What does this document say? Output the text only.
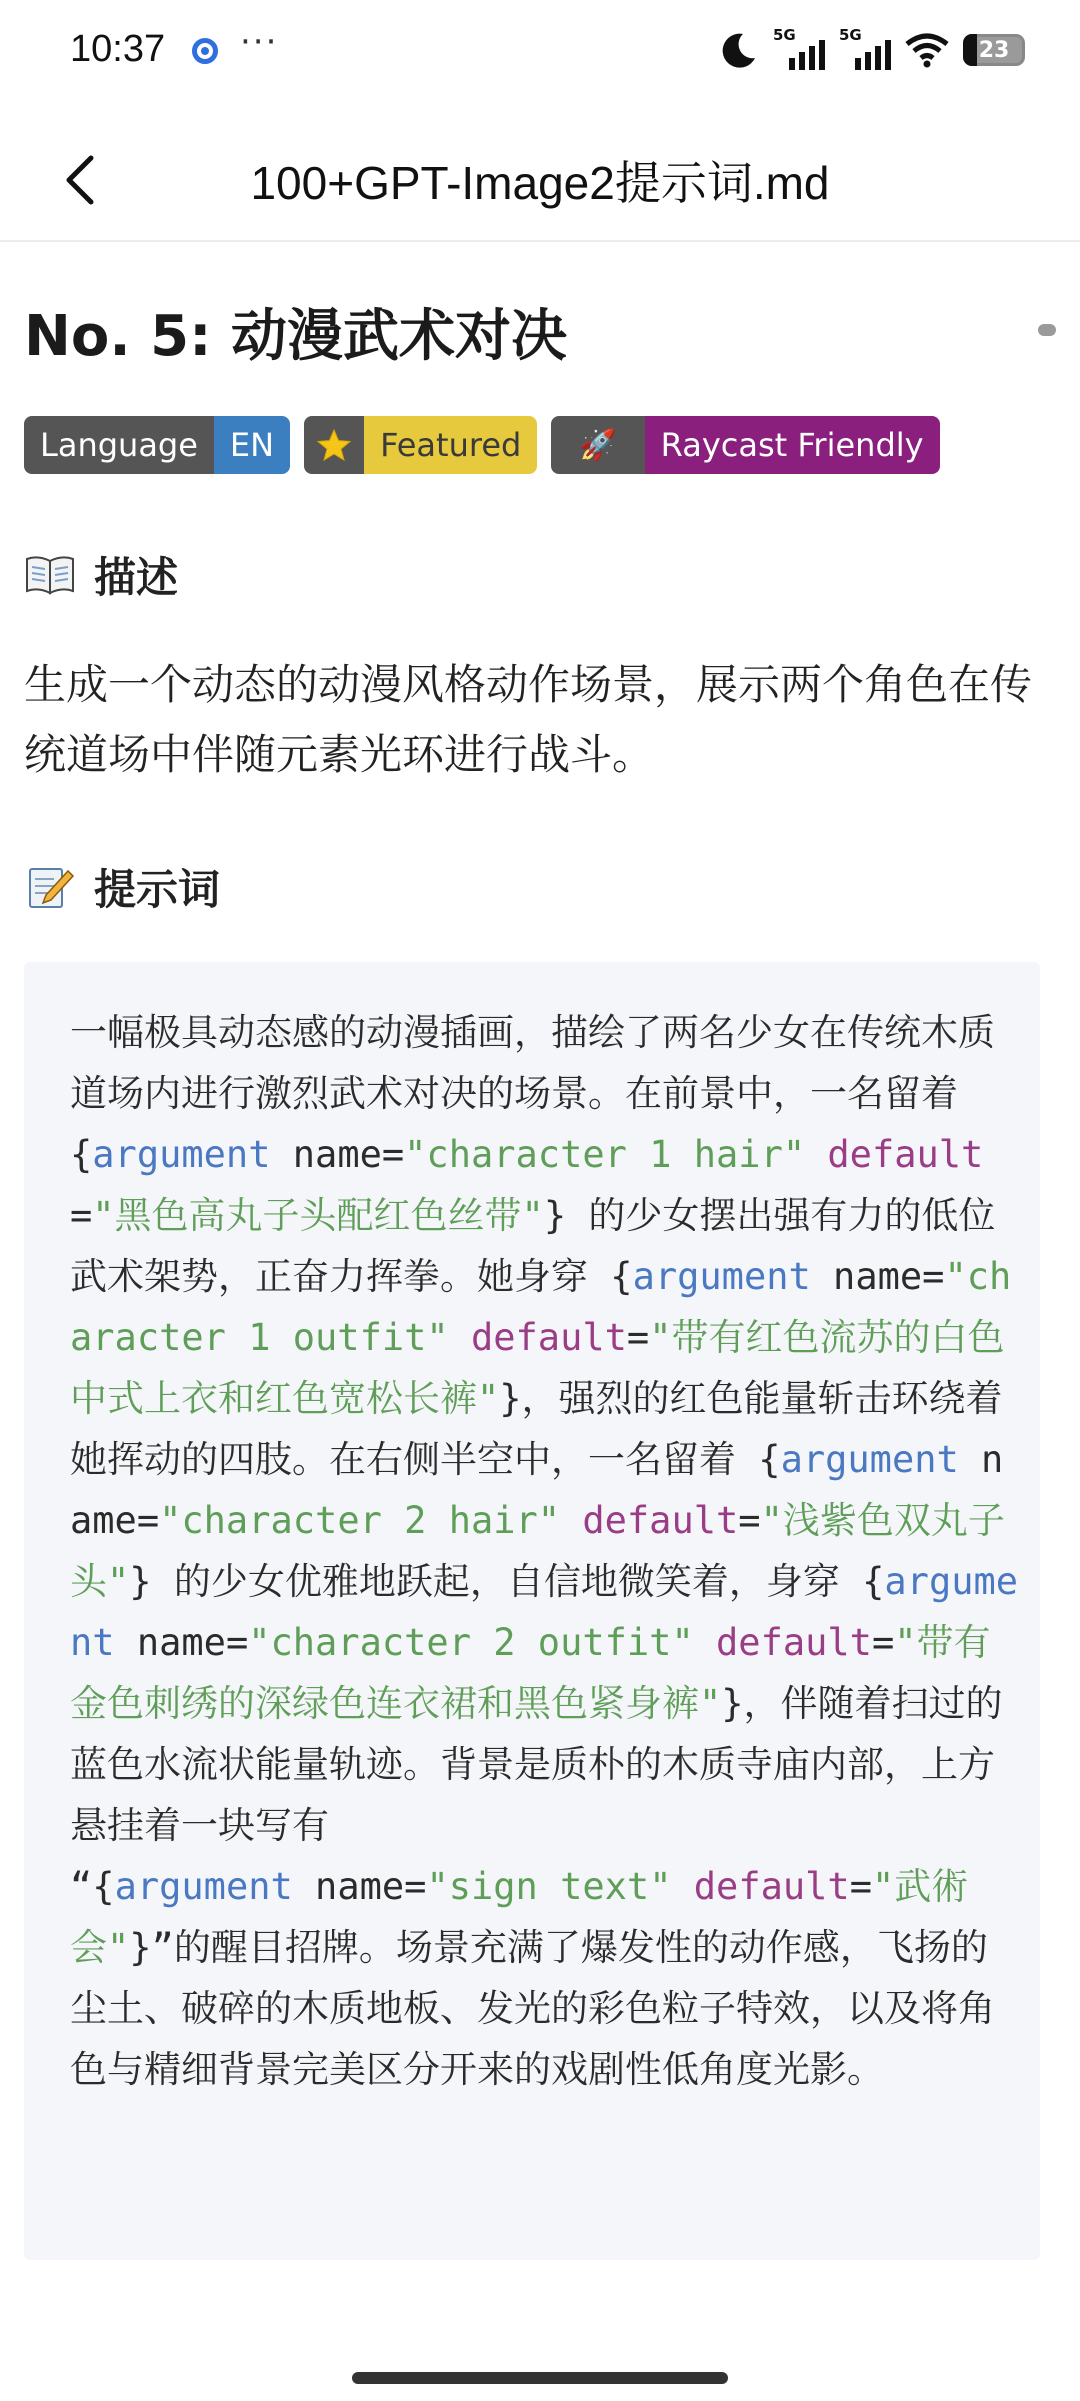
10:37 ···	5G	5G
23
100+GPT-Image2提示词.md
No. 5: 动漫武术对决
Language	EN	Featured	🚀	Raycast Friendly
描述
生成一个动态的动漫风格动作场景，展示两个角色在传统道场中伴随元素光环进行战斗。
提示词
一幅极具动态感的动漫插画，描绘了两名少女在传统木质道场内进行激烈武术对决的场景。在前景中，一名留着 {argument name="character 1 hair" default="黑色高丸子头配红色丝带"} 的少女摆出强有力的低位武术架势，正奋力挥拳。她身穿 {argument name="character 1 outfit" default="带有红色流苏的白色中式上衣和红色宽松长裤"}，强烈的红色能量斩击环绕着她挥动的四肢。在右侧半空中，一名留着 {argument name="character 2 hair" default="浅紫色双丸子头"} 的少女优雅地跃起，自信地微笑着，身穿 {argument name="character 2 outfit" default="带有金色刺绣的深绿色连衣裙和黑色紧身裤"}，伴随着扫过的蓝色水流状能量轨迹。背景是质朴的木质寺庙内部，上方悬挂着一块写有
“{argument name="sign text" default="武術会"}”的醒目招牌。场景充满了爆发性的动作感，飞扬的尘土、破碎的木质地板、发光的彩色粒子特效，以及将角色与精细背景完美区分开来的戏剧性低角度光影。
